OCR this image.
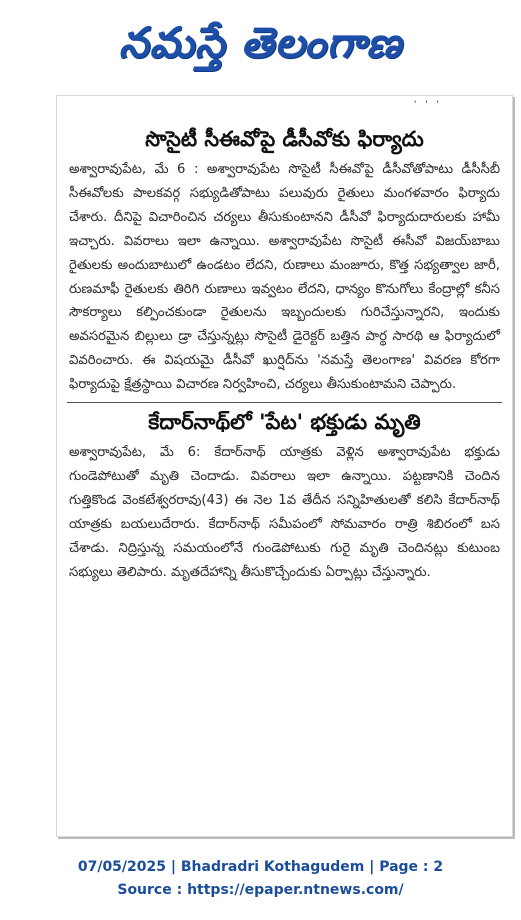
నమస్తే తెలంగాణ
' ' '
సొసైటీ సీఈవోపై డీసీవోకు ఫిర్యాదు

అశ్వారావుపేట, మే 6 : అశ్వారావుపేట సొసైటీ సీఈవోపై డీసీవోతోపాటు డీసీసీబీ సీఈవోలకు పాలకవర్గ సభ్యుడితోపాటు పలువురు రైతులు మంగళవారం ఫిర్యాదు చేశారు. దీనిపై విచారించిన చర్యలు తీసుకుంటానని డీసీవో ఫిర్యాదుదారులకు హామీ ఇచ్చారు. వివరాలు ఇలా ఉన్నాయి. అశ్వారావుపేట సొసైటీ ఈసీవో విజయ్‌బాబు రైతులకు అందుబాటులో ఉండటం లేదని, రుణాలు మంజూరు, కొత్త సభ్యత్వాల జారీ, రుణమాఫీ రైతులకు తిరిగి రుణాలు ఇవ్వటం లేదని, ధాన్యం కొనుగోలు కేంద్రాల్లో కనీస సౌకర్యాలు కల్పించకుండా రైతులను ఇబ్బందులకు గురిచేస్తున్నారని, ఇందుకు అవసరమైన బిల్లులు డ్రా చేస్తున్నట్లు సొసైటీ డైరెక్టర్ బత్తిన పార్థ సారథి ఆ ఫిర్యాదులో వివరించారు. ఈ విషయమై డీసీవో ఖుర్షిద్‌ను 'నమస్తే తెలంగాణ' వివరణ కోరగా ఫిర్యాదుపై క్షేత్రస్థాయి విచారణ నిర్వహించి, చర్యలు తీసుకుంటామని చెప్పారు.

కేదార్‌నాథ్‌లో 'పేట' భక్తుడు మృతి

అశ్వారావుపేట, మే 6: కేదార్‌నాథ్ యాత్రకు వెళ్లిన అశ్వారావుపేట భక్తుడు గుండెపోటుతో మృతి చెందాడు. వివరాలు ఇలా ఉన్నాయి. పట్టణానికి చెందిన గుత్తికొండ వెంకటేశ్వరరావు(43) ఈ నెల 1వ తేదీన సన్నిహితులతో కలిసి కేదార్‌నాథ్ యాత్రకు బయలుదేరారు. కేదార్‌నాథ్ సమీపంలో సోమవారం రాత్రి శిబిరంలో బస చేశాడు. నిద్రిస్తున్న సమయంలోనే గుండెపోటుకు గురై మృతి చెందినట్లు కుటుంబ సభ్యులు తెలిపారు. మృతదేహాన్ని తీసుకొచ్చేందుకు ఏర్పాట్లు చేస్తున్నారు.

07/05/2025 | Bhadradri Kothagudem | Page : 2
Source : https://epaper.ntnews.com/
